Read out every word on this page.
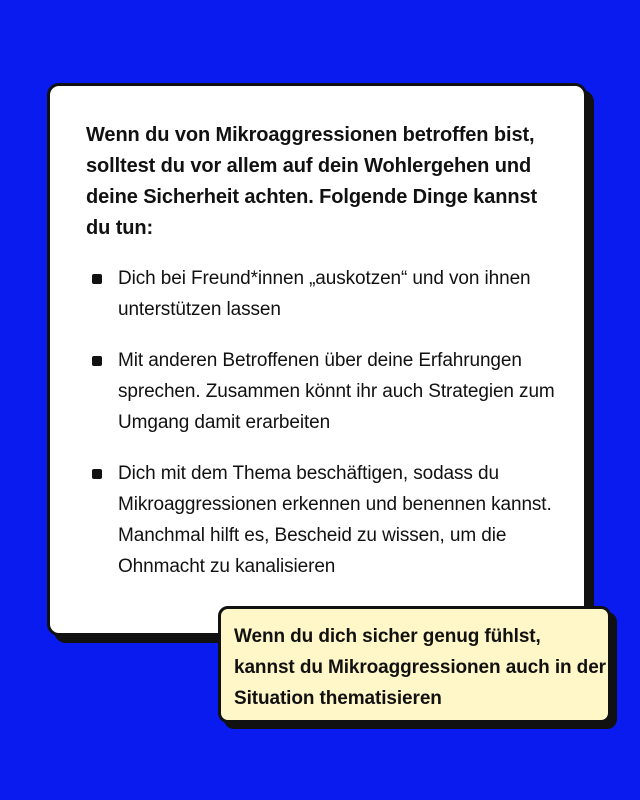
Wenn du von Mikroaggressionen betroffen bist, solltest du vor allem auf dein Wohlergehen und deine Sicherheit achten. Folgende Dinge kannst du tun:

Dich bei Freund*innen „auskotzen“ und von ihnen unterstützen lassen
Mit anderen Betroffenen über deine Erfahrungen sprechen. Zusammen könnt ihr auch Strategien zum Umgang damit erarbeiten
Dich mit dem Thema beschäftigen, sodass du Mikroaggressionen erkennen und benennen kannst. Manchmal hilft es, Bescheid zu wissen, um die Ohnmacht zu kanalisieren

Wenn du dich sicher genug fühlst, kannst du Mikroaggressionen auch in der Situation thematisieren
